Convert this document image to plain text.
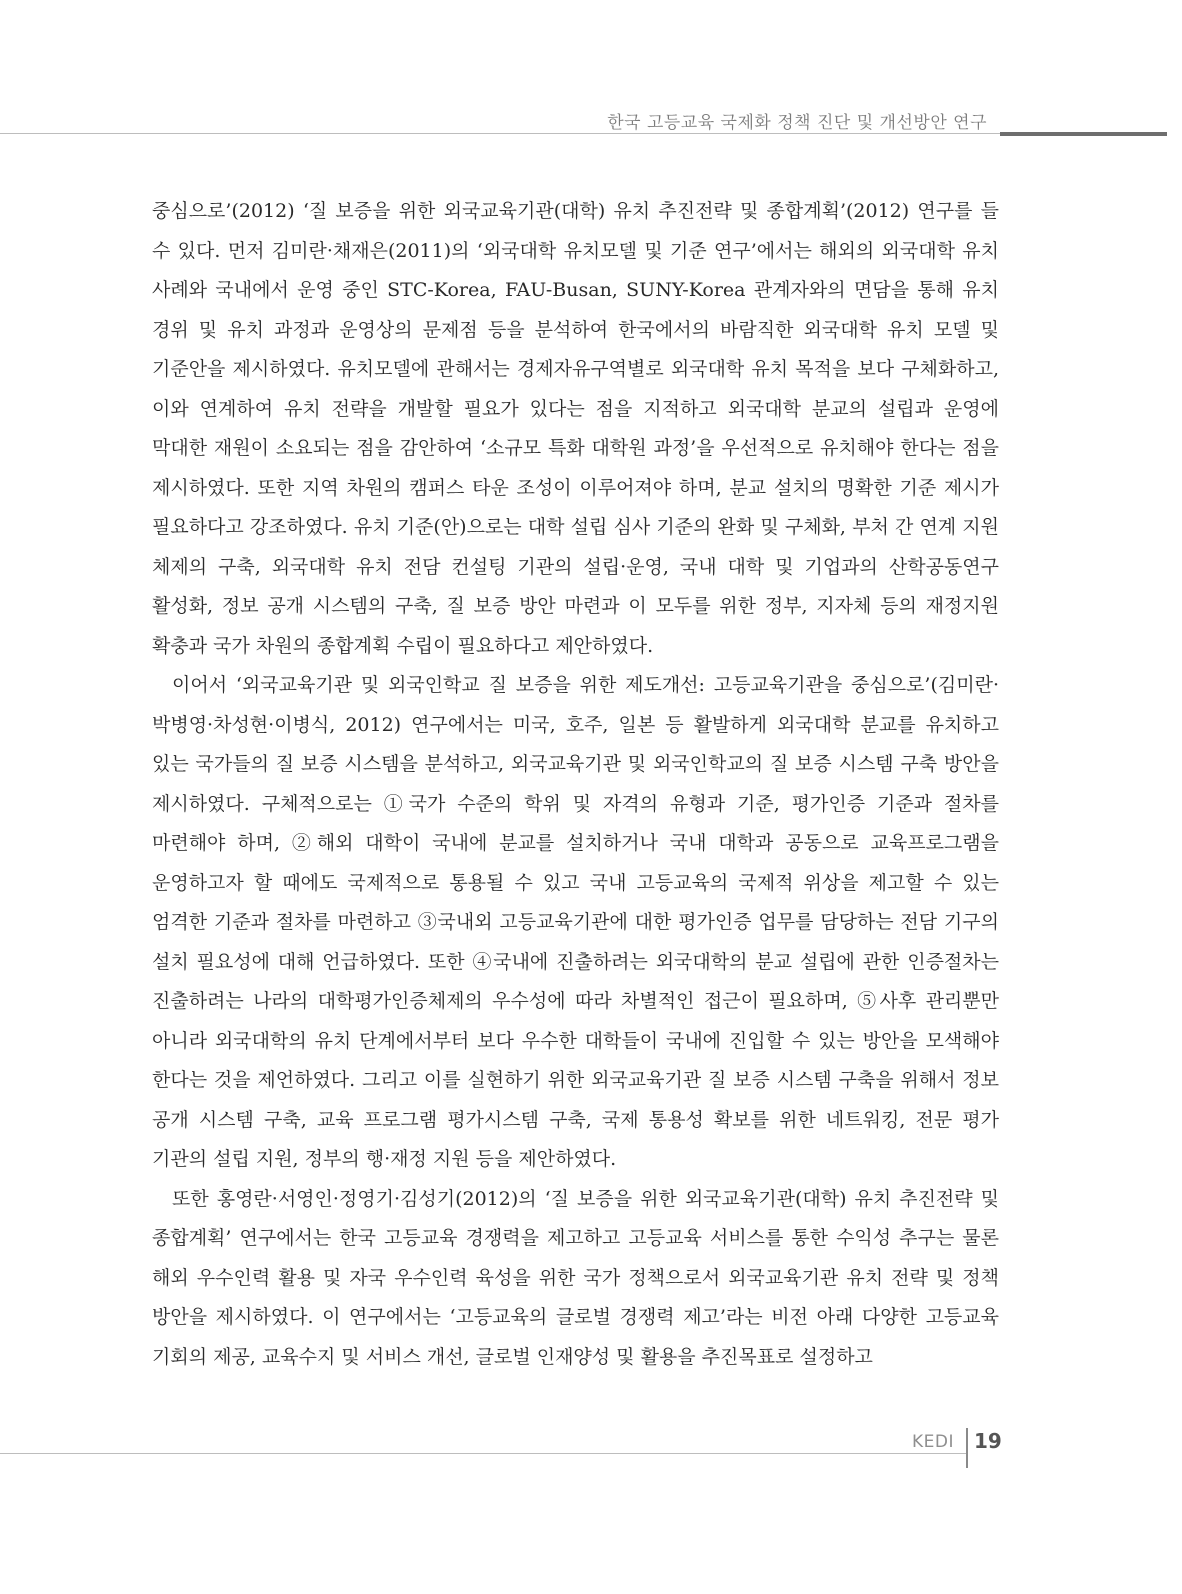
한국 고등교육 국제화 정책 진단 및 개선방안 연구

중심으로’(2012) ‘질 보증을 위한 외국교육기관(대학) 유치 추진전략 및 종합계획’(2012) 연구를 들 수 있다. 먼저 김미란·채재은(2011)의 ‘외국대학 유치모델 및 기준 연구’에서는 해외의 외국대학 유치 사례와 국내에서 운영 중인 STC-Korea, FAU-Busan, SUNY-Korea 관계자와의 면담을 통해 유치 경위 및 유치 과정과 운영상의 문제점 등을 분석하여 한국에서의 바람직한 외국대학 유치 모델 및 기준안을 제시하였다. 유치모델에 관해서는 경제자유구역별로 외국대학 유치 목적을 보다 구체화하고, 이와 연계하여 유치 전략을 개발할 필요가 있다는 점을 지적하고 외국대학 분교의 설립과 운영에 막대한 재원이 소요되는 점을 감안하여 ‘소규모 특화 대학원 과정’을 우선적으로 유치해야 한다는 점을 제시하였다. 또한 지역 차원의 캠퍼스 타운 조성이 이루어져야 하며, 분교 설치의 명확한 기준 제시가 필요하다고 강조하였다. 유치 기준(안)으로는 대학 설립 심사 기준의 완화 및 구체화, 부처 간 연계 지원 체제의 구축, 외국대학 유치 전담 컨설팅 기관의 설립·운영, 국내 대학 및 기업과의 산학공동연구 활성화, 정보 공개 시스템의 구축, 질 보증 방안 마련과 이 모두를 위한 정부, 지자체 등의 재정지원 확충과 국가 차원의 종합계획 수립이 필요하다고 제안하였다.

이어서 ‘외국교육기관 및 외국인학교 질 보증을 위한 제도개선: 고등교육기관을 중심으로’(김미란·박병영·차성현·이병식, 2012) 연구에서는 미국, 호주, 일본 등 활발하게 외국대학 분교를 유치하고 있는 국가들의 질 보증 시스템을 분석하고, 외국교육기관 및 외국인학교의 질 보증 시스템 구축 방안을 제시하였다. 구체적으로는 ①국가 수준의 학위 및 자격의 유형과 기준, 평가인증 기준과 절차를 마련해야 하며, ②해외 대학이 국내에 분교를 설치하거나 국내 대학과 공동으로 교육프로그램을 운영하고자 할 때에도 국제적으로 통용될 수 있고 국내 고등교육의 국제적 위상을 제고할 수 있는 엄격한 기준과 절차를 마련하고 ③국내외 고등교육기관에 대한 평가인증 업무를 담당하는 전담 기구의 설치 필요성에 대해 언급하였다. 또한 ④국내에 진출하려는 외국대학의 분교 설립에 관한 인증절차는 진출하려는 나라의 대학평가인증체제의 우수성에 따라 차별적인 접근이 필요하며, ⑤사후 관리뿐만 아니라 외국대학의 유치 단계에서부터 보다 우수한 대학들이 국내에 진입할 수 있는 방안을 모색해야 한다는 것을 제언하였다. 그리고 이를 실현하기 위한 외국교육기관 질 보증 시스템 구축을 위해서 정보 공개 시스템 구축, 교육 프로그램 평가시스템 구축, 국제 통용성 확보를 위한 네트워킹, 전문 평가 기관의 설립 지원, 정부의 행·재정 지원 등을 제안하였다.

또한 홍영란·서영인·정영기·김성기(2012)의 ‘질 보증을 위한 외국교육기관(대학) 유치 추진전략 및 종합계획’ 연구에서는 한국 고등교육 경쟁력을 제고하고 고등교육 서비스를 통한 수익성 추구는 물론 해외 우수인력 활용 및 자국 우수인력 육성을 위한 국가 정책으로서 외국교육기관 유치 전략 및 정책 방안을 제시하였다. 이 연구에서는 ‘고등교육의 글로벌 경쟁력 제고’라는 비전 아래 다양한 고등교육 기회의 제공, 교육수지 및 서비스 개선, 글로벌 인재양성 및 활용을 추진목표로 설정하고

KEDI 19
